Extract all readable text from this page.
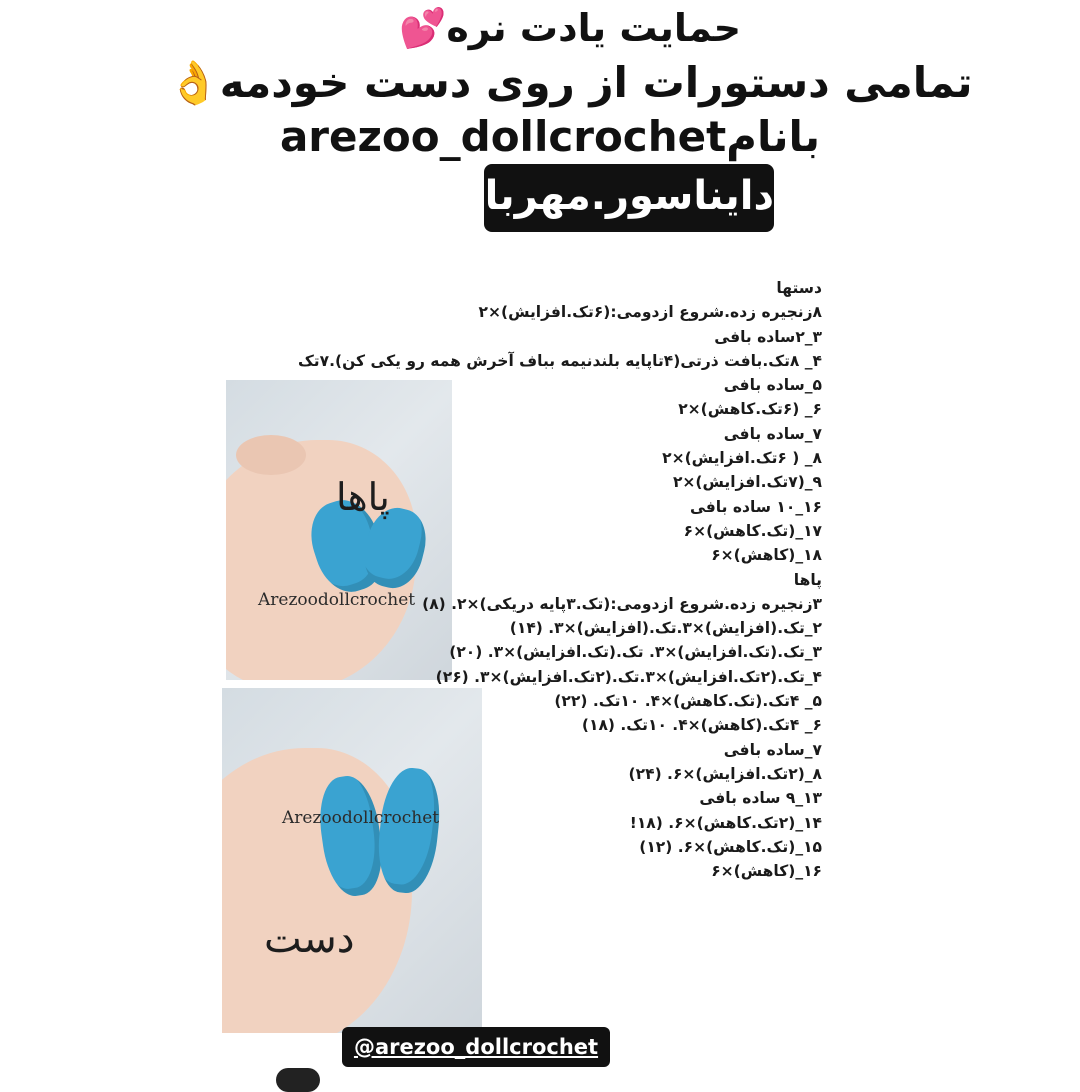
حمایت یادت نره💕
تمامی دستورات از روی دست خودمه👌
بانامarezoo_dollcrochet
دایناسور.مهربان
پاها
Arezoodollcrochet
Arezoodollcrochet
دست
دستها
۸زنجیره زده.شروع ازدومی:(۶تک.افزایش)×۲
۳_۲ساده بافی
۴_ ۸تک.بافت ذرتی(۴تاپایه بلندنیمه بباف آخرش همه رو یکی کن).۷تک
۵_ساده بافی
۶_ (۶تک.کاهش)×۲
۷_ساده بافی
۸_ ( ۶تک.افزایش)×۲
۹_(۷تک.افزایش)×۲
۱۶_۱۰ ساده بافی
۱۷_(تک.کاهش)×۶
۱۸_(کاهش)×۶
پاها
۳زنجیره زده.شروع ازدومی:(تک.۳پایه دریکی)×۲. (۸)
۲_تک.(افزایش)×۳.تک.(افزایش)×۳. (۱۴)
۳_تک.(تک.افزایش)×۳. تک.(تک.افزایش)×۳. (۲۰)
۴_تک.(۲تک.افزایش)×۳.تک.(۲تک.افزایش)×۳. (۲۶)
۵_ ۴تک.(تک.کاهش)×۴. ۱۰تک. (۲۲)
۶_ ۴تک.(کاهش)×۴. ۱۰تک. (۱۸)
۷_ساده بافی
۸_(۲تک.افزایش)×۶. (۲۴)
۱۳_۹ ساده بافی
۱۴_(۲تک.کاهش)×۶. (۱۸!
۱۵_(تک.کاهش)×۶. (۱۲)
۱۶_(کاهش)×۶
@arezoo_dollcrochet
